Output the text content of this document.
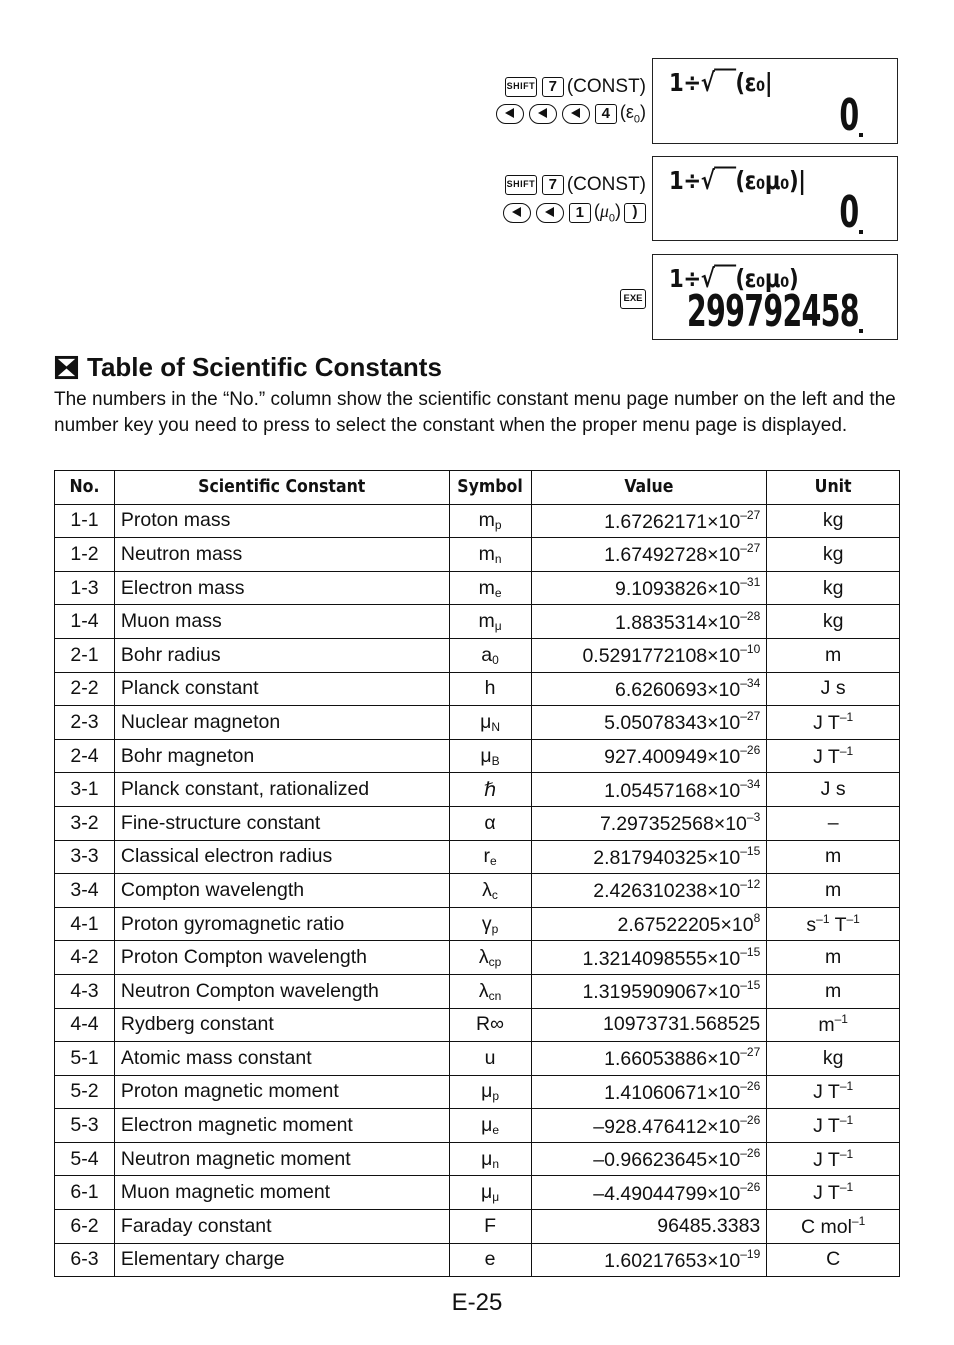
SHIFT 7 (CONST)
4 $(\varepsilon_0)$
SHIFT 7 (CONST)
1 $(\mu_0)$ )
EXE
1÷√￣(ε₀|
0
1÷√￣(ε₀μ₀)|
0
1÷√￣(ε₀μ₀)
299792458
Table of Scientific Constants

The numbers in the “No.” column show the scientific constant menu page number on the left and the number key you need to press to select the constant when the proper menu page is displayed.

No.	Scientific Constant	Symbol	Value	Unit
1-1	Proton mass	mp	$1.67262171\times 10^{-27}$	kg
1-2	Neutron mass	mn	$1.67492728\times 10^{-27}$	kg
1-3	Electron mass	me	$9.1093826\times 10^{-31}$	kg
1-4	Muon mass	mμ	$1.8835314\times 10^{-28}$	kg
2-1	Bohr radius	a0	$0.5291772108\times 10^{-10}$	m
2-2	Planck constant	h	$6.6260693\times 10^{-34}$	J s
2-3	Nuclear magneton	μN	$5.05078343\times 10^{-27}$	J $T^{-1}$
2-4	Bohr magneton	μB	$927.400949\times 10^{-26}$	J $T^{-1}$
3-1	Planck constant, rationalized	ℏ	$1.05457168\times 10^{-34}$	J s
3-2	Fine-structure constant	α	$7.297352568\times 10^{-3}$	–
3-3	Classical electron radius	re	$2.817940325\times 10^{-15}$	m
3-4	Compton wavelength	λc	$2.426310238\times 10^{-12}$	m
4-1	Proton gyromagnetic ratio	γp	$2.67522205\times 10^8$	$s^{-1}$ $T^{-1}$
4-2	Proton Compton wavelength	λcp	$1.3214098555\times 10^{-15}$	m
4-3	Neutron Compton wavelength	λcn	$1.3195909067\times 10^{-15}$	m
4-4	Rydberg constant	R∞	10973731.568525	$m^{-1}$
5-1	Atomic mass constant	u	$1.66053886\times 10^{-27}$	kg
5-2	Proton magnetic moment	μp	$1.41060671\times 10^{-26}$	J $T^{-1}$
5-3	Electron magnetic moment	μe	$-928.476412\times 10^{-26}$	J $T^{-1}$
5-4	Neutron magnetic moment	μn	$-0.96623645\times 10^{-26}$	J $T^{-1}$
6-1	Muon magnetic moment	μμ	$-4.49044799\times 10^{-26}$	J $T^{-1}$
6-2	Faraday constant	F	96485.3383	C mol$^{-1}$
6-3	Elementary charge	e	$1.60217653\times 10^{-19}$	C
E-25
